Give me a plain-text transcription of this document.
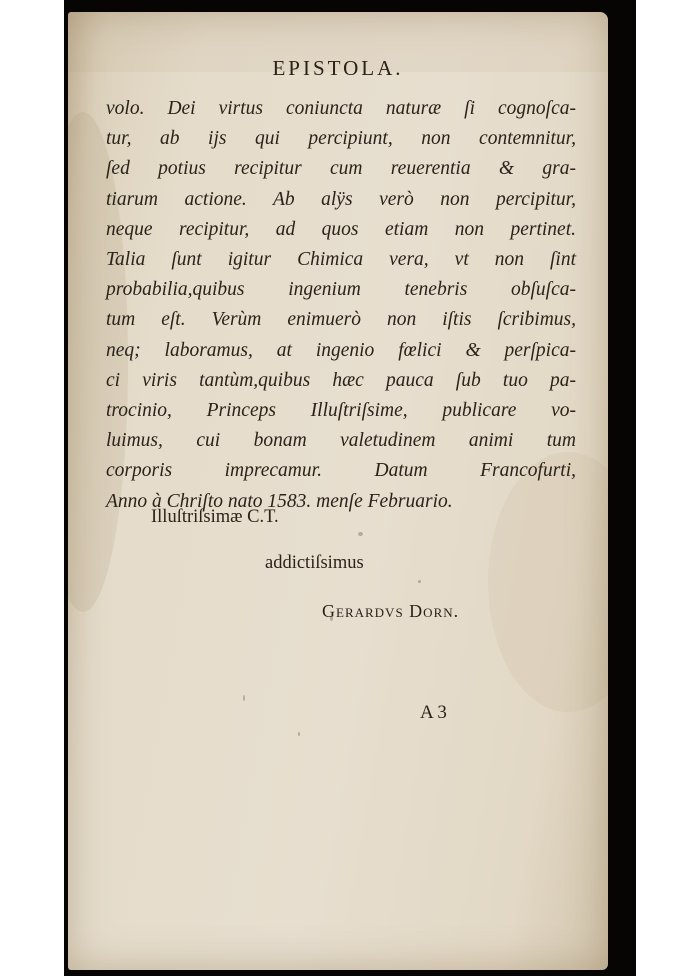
EPISTOLA.
volo. Dei virtus coniuncta naturæ ſi cognoſca-
tur, ab ijs qui percipiunt, non contemnitur,
ſed potius recipitur cum reuerentia & gra-
tiarum actione. Ab alÿs verò non percipitur,
neque recipitur, ad quos etiam non pertinet.
Talia ſunt igitur Chimica vera, vt non ſint
probabilia,quibus ingenium tenebris obſuſca-
tum eſt. Verùm enimuerò non iſtis ſcribimus,
neq; laboramus, at ingenio fœlici & perſpica-
ci viris tantùm,quibus hæc pauca ſub tuo pa-
trocinio, Princeps Illuſtriſsime, publicare vo-
luimus, cui bonam valetudinem animi tum
corporis imprecamur. Datum Francofurti,
Anno à Chriſto nato 1583. menſe Februario.
Illuſtriſsimæ C.T.
addictiſsimus
Gerardvs Dorn.
A 3
